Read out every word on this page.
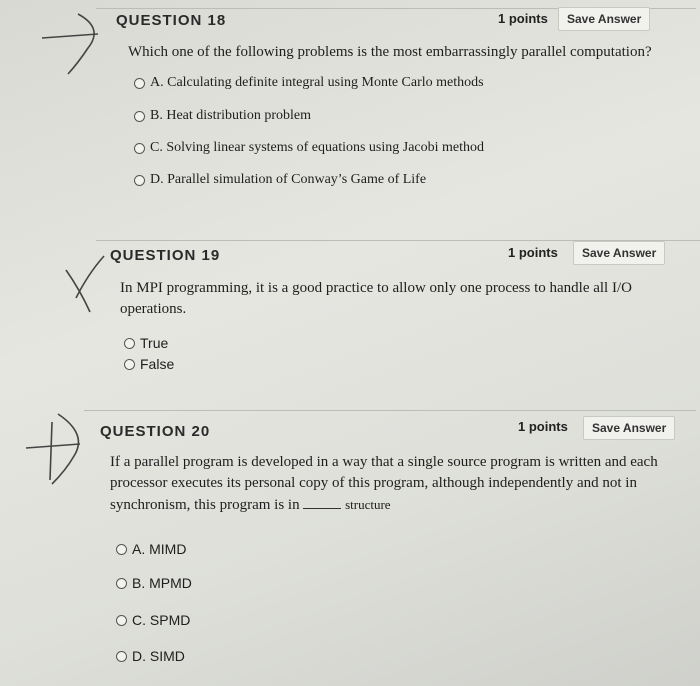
QUESTION 18	1 points	Save Answer
Which one of the following problems is the most embarrassingly parallel computation?
A. Calculating definite integral using Monte Carlo methods
B. Heat distribution problem
C. Solving linear systems of equations using Jacobi method
D. Parallel simulation of Conway’s Game of Life
QUESTION 19	1 points	Save Answer
In MPI programming, it is a good practice to allow only one process to handle all I/O operations.
True
False
QUESTION 20	1 points	Save Answer
If a parallel program is developed in a way that a single source program is written and each processor executes its personal copy of this program, although independently and not in synchronism, this program is in	structure
A. MIMD
B. MPMD
C. SPMD
D. SIMD
